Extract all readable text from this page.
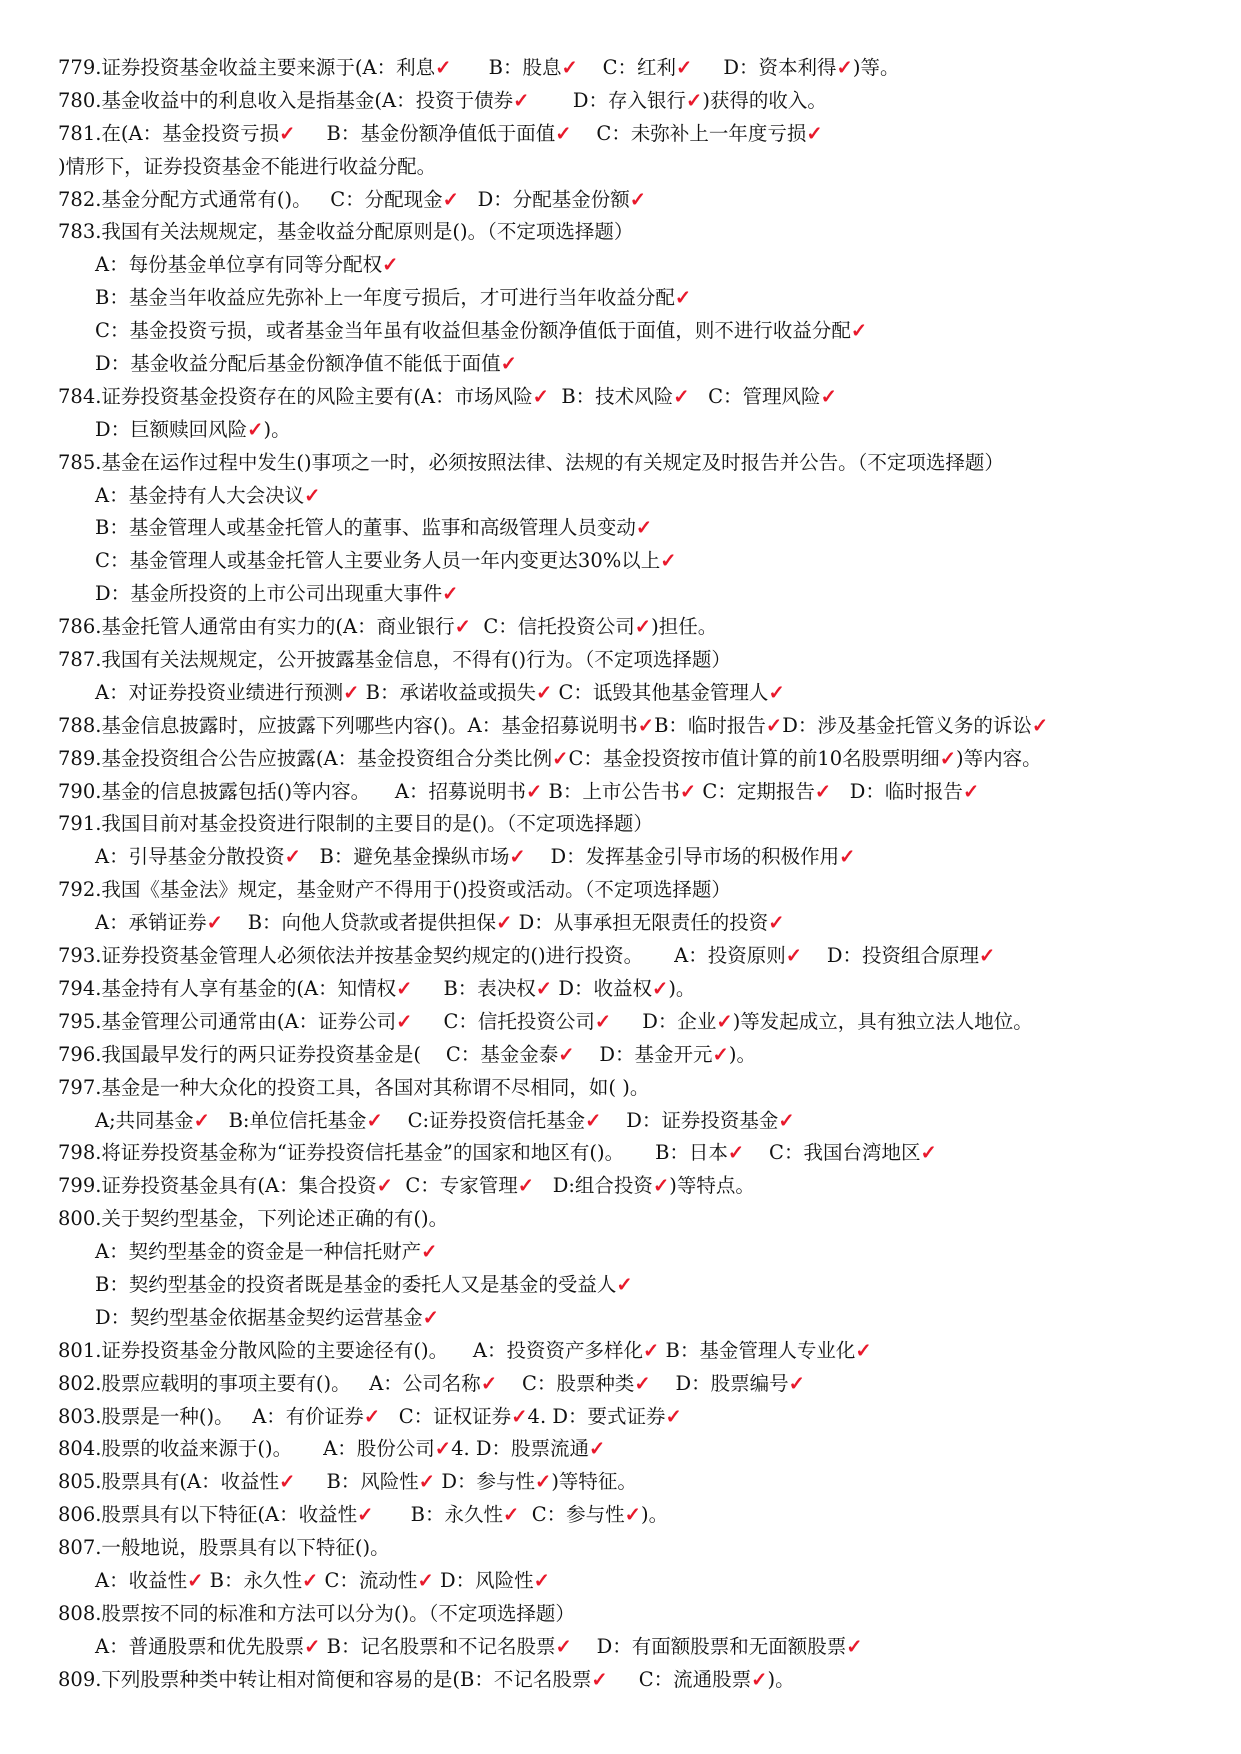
779.证券投资基金收益主要来源于(A：利息✓      B：股息✓    C：红利✓     D：资本利得✓)等。
780.基金收益中的利息收入是指基金(A：投资于债券✓       D：存入银行✓)获得的收入。
781.在(A：基金投资亏损✓     B：基金份额净值低于面值✓    C：未弥补上一年度亏损✓
)情形下，证券投资基金不能进行收益分配。
782.基金分配方式通常有()。   C：分配现金✓   D：分配基金份额✓
783.我国有关法规规定，基金收益分配原则是()。（不定项选择题）
A：每份基金单位享有同等分配权✓
B：基金当年收益应先弥补上一年度亏损后，才可进行当年收益分配✓
C：基金投资亏损，或者基金当年虽有收益但基金份额净值低于面值，则不进行收益分配✓
D：基金收益分配后基金份额净值不能低于面值✓
784.证券投资基金投资存在的风险主要有(A：市场风险✓  B：技术风险✓   C：管理风险✓
D：巨额赎回风险✓)。
785.基金在运作过程中发生()事项之一时，必须按照法律、法规的有关规定及时报告并公告。（不定项选择题）
A：基金持有人大会决议✓
B：基金管理人或基金托管人的董事、监事和高级管理人员变动✓
C：基金管理人或基金托管人主要业务人员一年内变更达30%以上✓
D：基金所投资的上市公司出现重大事件✓
786.基金托管人通常由有实力的(A：商业银行✓  C：信托投资公司✓)担任。
787.我国有关法规规定，公开披露基金信息，不得有()行为。（不定项选择题）
A：对证券投资业绩进行预测✓ B：承诺收益或损失✓ C：诋毁其他基金管理人✓
788.基金信息披露时，应披露下列哪些内容()。A：基金招募说明书✓B：临时报告✓D：涉及基金托管义务的诉讼✓
789.基金投资组合公告应披露(A：基金投资组合分类比例✓C：基金投资按市值计算的前10名股票明细✓)等内容。
790.基金的信息披露包括()等内容。    A：招募说明书✓ B：上市公告书✓ C：定期报告✓   D：临时报告✓
791.我国目前对基金投资进行限制的主要目的是()。（不定项选择题）
A：引导基金分散投资✓   B：避免基金操纵市场✓    D：发挥基金引导市场的积极作用✓
792.我国《基金法》规定，基金财产不得用于()投资或活动。（不定项选择题）
A：承销证券✓    B：向他人贷款或者提供担保✓ D：从事承担无限责任的投资✓
793.证券投资基金管理人必须依法并按基金契约规定的()进行投资。     A：投资原则✓    D：投资组合原理✓
794.基金持有人享有基金的(A：知情权✓     B：表决权✓ D：收益权✓)。
795.基金管理公司通常由(A：证券公司✓     C：信托投资公司✓     D：企业✓)等发起成立，具有独立法人地位。
796.我国最早发行的两只证券投资基金是(    C：基金金泰✓    D：基金开元✓)。
797.基金是一种大众化的投资工具，各国对其称谓不尽相同，如( )。
A;共同基金✓   B:单位信托基金✓    C:证券投资信托基金✓    D：证券投资基金✓
798.将证券投资基金称为“证券投资信托基金”的国家和地区有()。     B：日本✓    C：我国台湾地区✓
799.证券投资基金具有(A：集合投资✓  C：专家管理✓   D:组合投资✓)等特点。
800.关于契约型基金，下列论述正确的有()。
A：契约型基金的资金是一种信托财产✓
B：契约型基金的投资者既是基金的委托人又是基金的受益人✓
D：契约型基金依据基金契约运营基金✓
801.证券投资基金分散风险的主要途径有()。    A：投资资产多样化✓ B：基金管理人专业化✓
802.股票应载明的事项主要有()。   A：公司名称✓    C：股票种类✓    D：股票编号✓
803.股票是一种()。   A：有价证券✓   C：证权证券✓4. D：要式证券✓
804.股票的收益来源于()。     A：股份公司✓4. D：股票流通✓
805.股票具有(A：收益性✓     B：风险性✓ D：参与性✓)等特征。
806.股票具有以下特征(A：收益性✓      B：永久性✓  C：参与性✓)。
807.一般地说，股票具有以下特征()。
A：收益性✓ B：永久性✓ C：流动性✓ D：风险性✓
808.股票按不同的标准和方法可以分为()。（不定项选择题）
A：普通股票和优先股票✓ B：记名股票和不记名股票✓    D：有面额股票和无面额股票✓
809.下列股票种类中转让相对简便和容易的是(B：不记名股票✓     C：流通股票✓)。
